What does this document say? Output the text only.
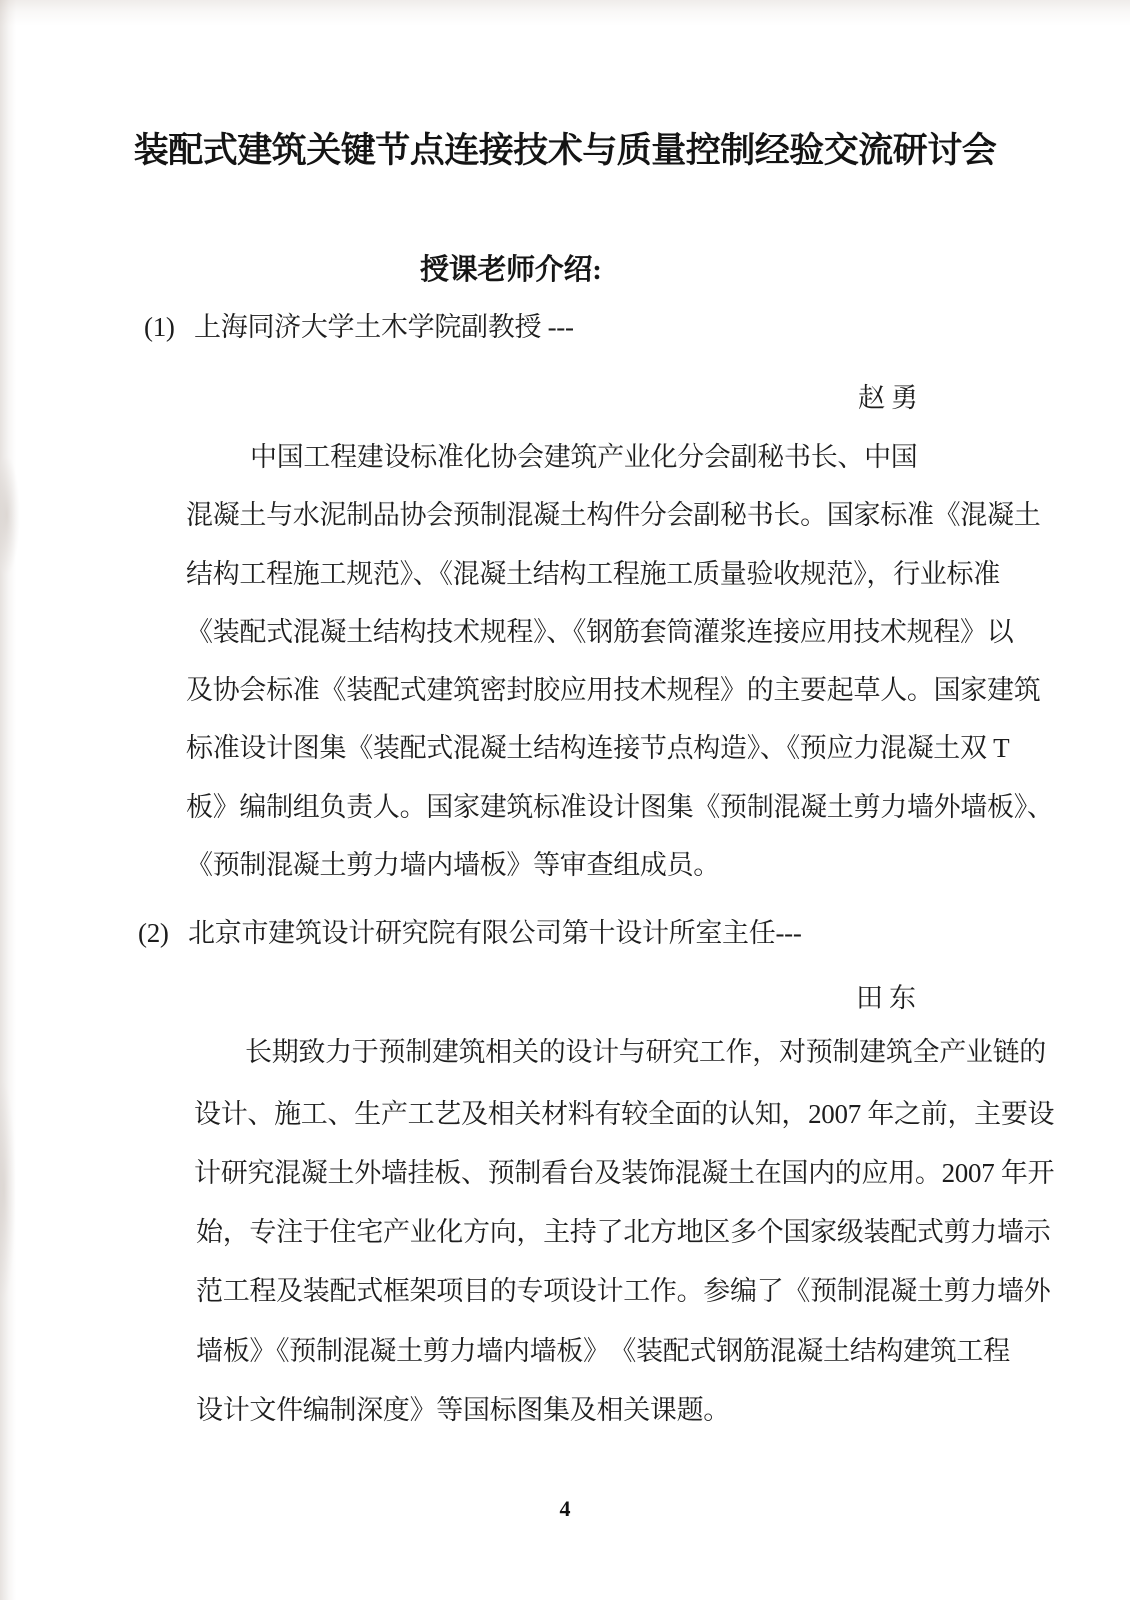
装配式建筑关键节点连接技术与质量控制经验交流研讨会
授课老师介绍:
(1) 上海同济大学土木学院副教授 ---
赵勇
中国工程建设标准化协会建筑产业化分会副秘书长、中国
混凝土与水泥制品协会预制混凝土构件分会副秘书长。国家标准《混凝土
结构工程施工规范》、《混凝土结构工程施工质量验收规范》，行业标准
《装配式混凝土结构技术规程》、《钢筋套筒灌浆连接应用技术规程》以
及协会标准《装配式建筑密封胶应用技术规程》的主要起草人。国家建筑
标准设计图集《装配式混凝土结构连接节点构造》、《预应力混凝土双 T
板》编制组负责人。国家建筑标准设计图集《预制混凝土剪力墙外墙板》、
《预制混凝土剪力墙内墙板》等审查组成员。
(2) 北京市建筑设计研究院有限公司第十设计所室主任---
田东
长期致力于预制建筑相关的设计与研究工作，对预制建筑全产业链的
设计、施工、生产工艺及相关材料有较全面的认知，2007 年之前，主要设
计研究混凝土外墙挂板、预制看台及装饰混凝土在国内的应用。2007 年开
始，专注于住宅产业化方向，主持了北方地区多个国家级装配式剪力墙示
范工程及装配式框架项目的专项设计工作。参编了《预制混凝土剪力墙外
墙板》《预制混凝土剪力墙内墙板》　《装配式钢筋混凝土结构建筑工程
设计文件编制深度》等国标图集及相关课题。
4
